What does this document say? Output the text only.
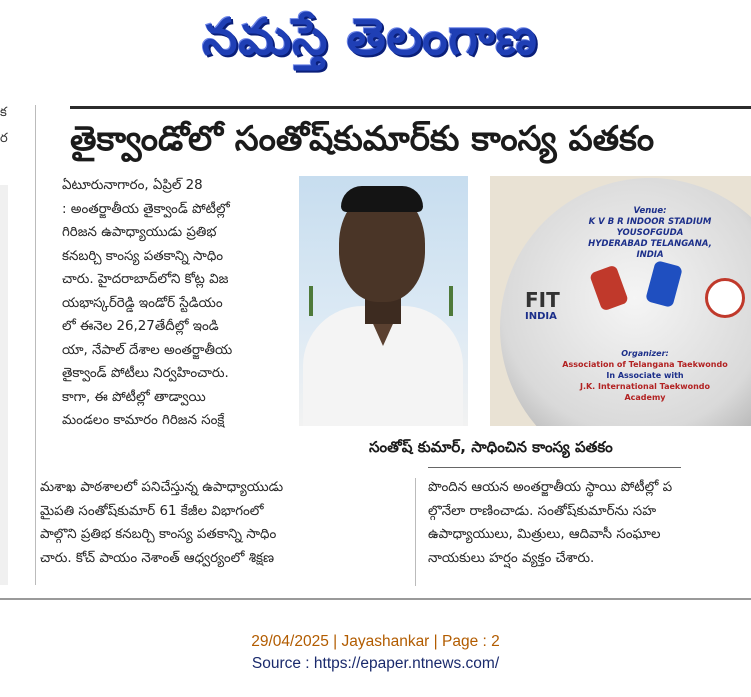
నమస్తే తెలంగాణ
క
ర తైక్వాండోలో సంతోష్‌కుమార్‌కు కాంస్య పతకం
ఏటూరునాగారం, ఏప్రిల్ 28
: అంతర్జాతీయ తైక్వాండ్ పోటీల్లో
గిరిజన ఉపాధ్యాయుడు ప్రతిభ
కనబర్చి కాంస్య పతకాన్ని సాధిం
చారు. హైదరాబాద్‌లోని కోట్ల విజ
యభాస్కర్‌రెడ్డి ఇండోర్ స్టేడియం
లో ఈనెల 26,27తేదీల్లో ఇండి
యా, నేపాల్ దేశాల అంతర్జాతీయ
తైక్వాండ్ పోటీలు నిర్వహించారు.
కాగా, ఈ పోటీల్లో తాడ్వాయి
మండలం కామారం గిరిజన సంక్షే
Venue:
K V B R INDOOR STADIUM YOUSOFGUDA
HYDERABAD TELANGANA, INDIA
FIT
INDIA
Organizer:
Association of Telangana Taekwondo
In Associate with
J.K. International Taekwondo
Academy
సంతోష్ కుమార్, సాధించిన కాంస్య పతకం
మశాఖ పాఠశాలలో పనిచేస్తున్న ఉపాధ్యాయుడు
మైపతి సంతోష్‌కుమార్ 61 కేజీల విభాగంలో
పాల్గొని ప్రతిభ కనబర్చి కాంస్య పతకాన్ని సాధిం
చారు. కోచ్ పాయం నెశాంత్ ఆధ్వర్యంలో శిక్షణ
పొందిన ఆయన అంతర్జాతీయ స్థాయి పోటీల్లో ప
ల్గొనేలా రాణించాడు. సంతోష్‌కుమార్‌ను సహ
ఉపాధ్యాయులు, మిత్రులు, ఆదివాసీ సంఘాల
నాయకులు హర్షం వ్యక్తం చేశారు.
29/04/2025 | Jayashankar | Page : 2
Source : https://epaper.ntnews.com/
